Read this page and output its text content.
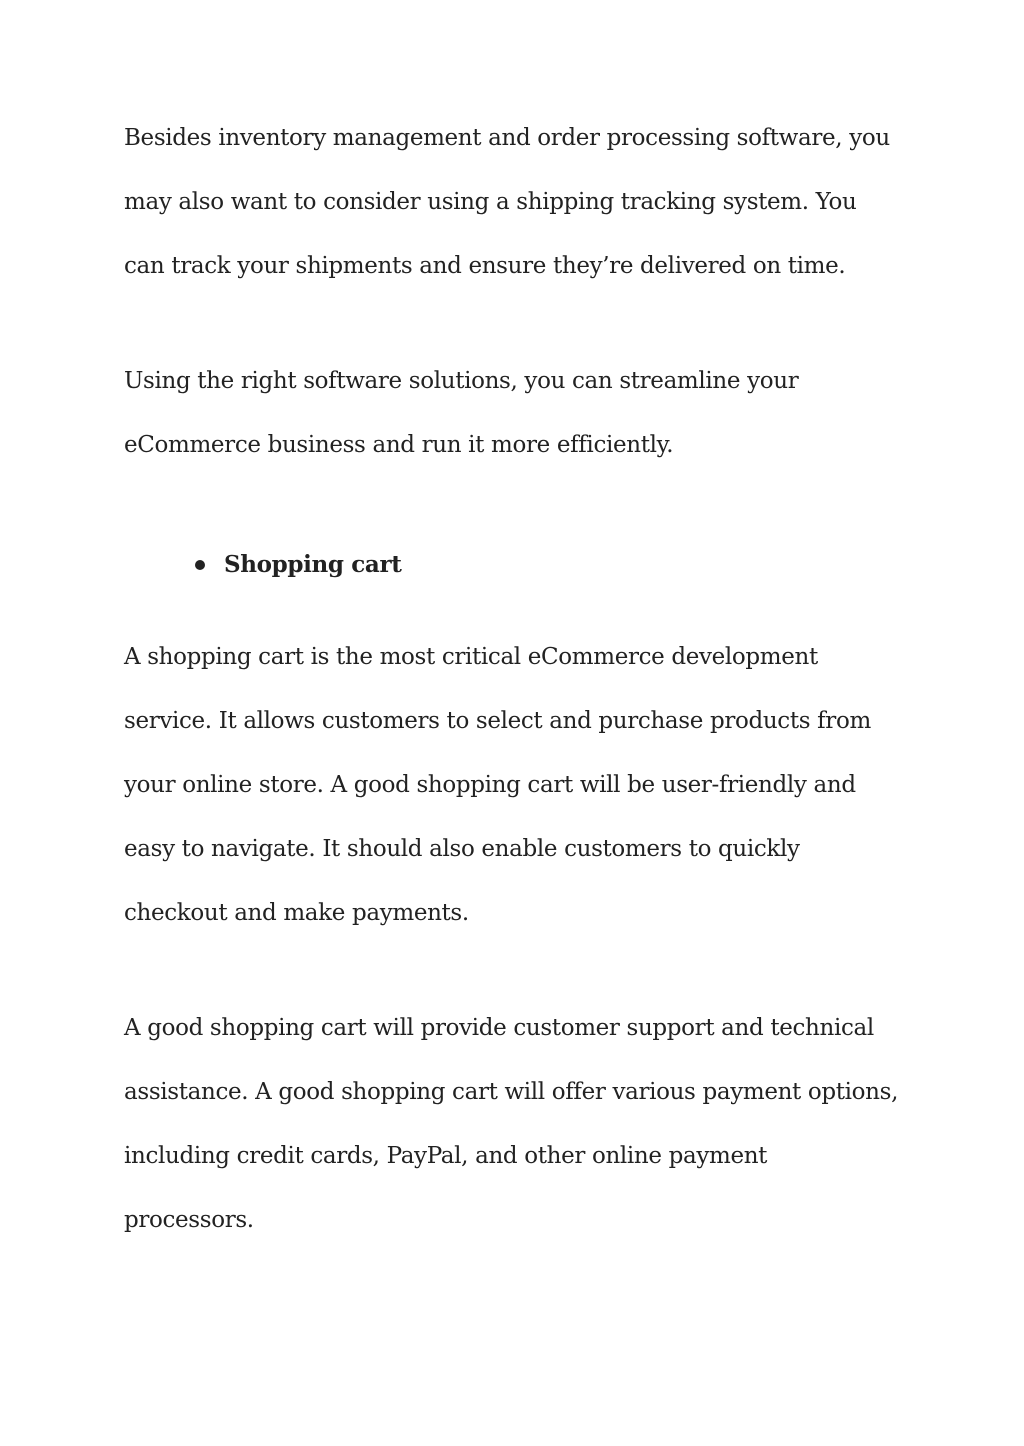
Besides inventory management and order processing software, you

may also want to consider using a shipping tracking system. You

can track your shipments and ensure they’re delivered on time.

Using the right software solutions, you can streamline your

eCommerce business and run it more efficiently.

Shopping cart

A shopping cart is the most critical eCommerce development

service. It allows customers to select and purchase products from

your online store. A good shopping cart will be user-friendly and

easy to navigate. It should also enable customers to quickly

checkout and make payments.

A good shopping cart will provide customer support and technical

assistance. A good shopping cart will offer various payment options,

including credit cards, PayPal, and other online payment

processors.
